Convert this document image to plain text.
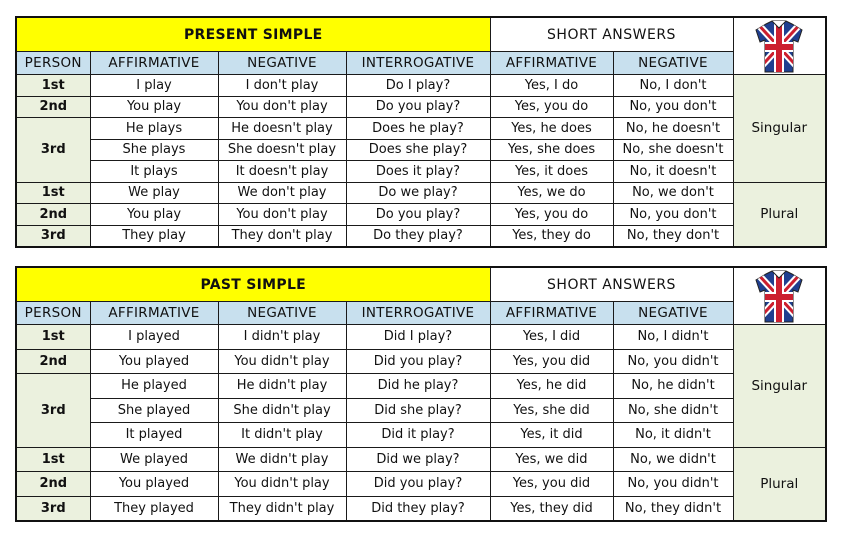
PRESENT SIMPLE				SHORT ANSWERS	

PERSON	AFFIRMATIVE	NEGATIVE	INTERROGATIVE	AFFIRMATIVE	NEGATIVE	
1st	I play	I don't play	Do I play?	Yes, I do	No, I don't	Singular
2nd	You play	You don't play	Do you play?	Yes, you do	No, you don't	
3rd	He plays	He doesn't play	Does he play?	Yes, he does	No, he doesn't	
	She plays	She doesn't play	Does she play?	Yes, she does	No, she doesn't	
	It plays	It doesn't play	Does it play?	Yes, it does	No, it doesn't	
1st	We play	We don't play	Do we play?	Yes, we do	No, we don't	Plural
2nd	You play	You don't play	Do you play?	Yes, you do	No, you don't	
3rd	They play	They don't play	Do they play?	Yes, they do	No, they don't	
PAST SIMPLE				SHORT ANSWERS	

PERSON	AFFIRMATIVE	NEGATIVE	INTERROGATIVE	AFFIRMATIVE	NEGATIVE	
1st	I played	I didn't play	Did I play?	Yes, I did	No, I didn't	Singular
2nd	You played	You didn't play	Did you play?	Yes, you did	No, you didn't	
3rd	He played	He didn't play	Did he play?	Yes, he did	No, he didn't	
	She played	She didn't play	Did she play?	Yes, she did	No, she didn't	
	It played	It didn't play	Did it play?	Yes, it did	No, it didn't	
1st	We played	We didn't play	Did we play?	Yes, we did	No, we didn't	Plural
2nd	You played	You didn't play	Did you play?	Yes, you did	No, you didn't	
3rd	They played	They didn't play	Did they play?	Yes, they did	No, they didn't	
